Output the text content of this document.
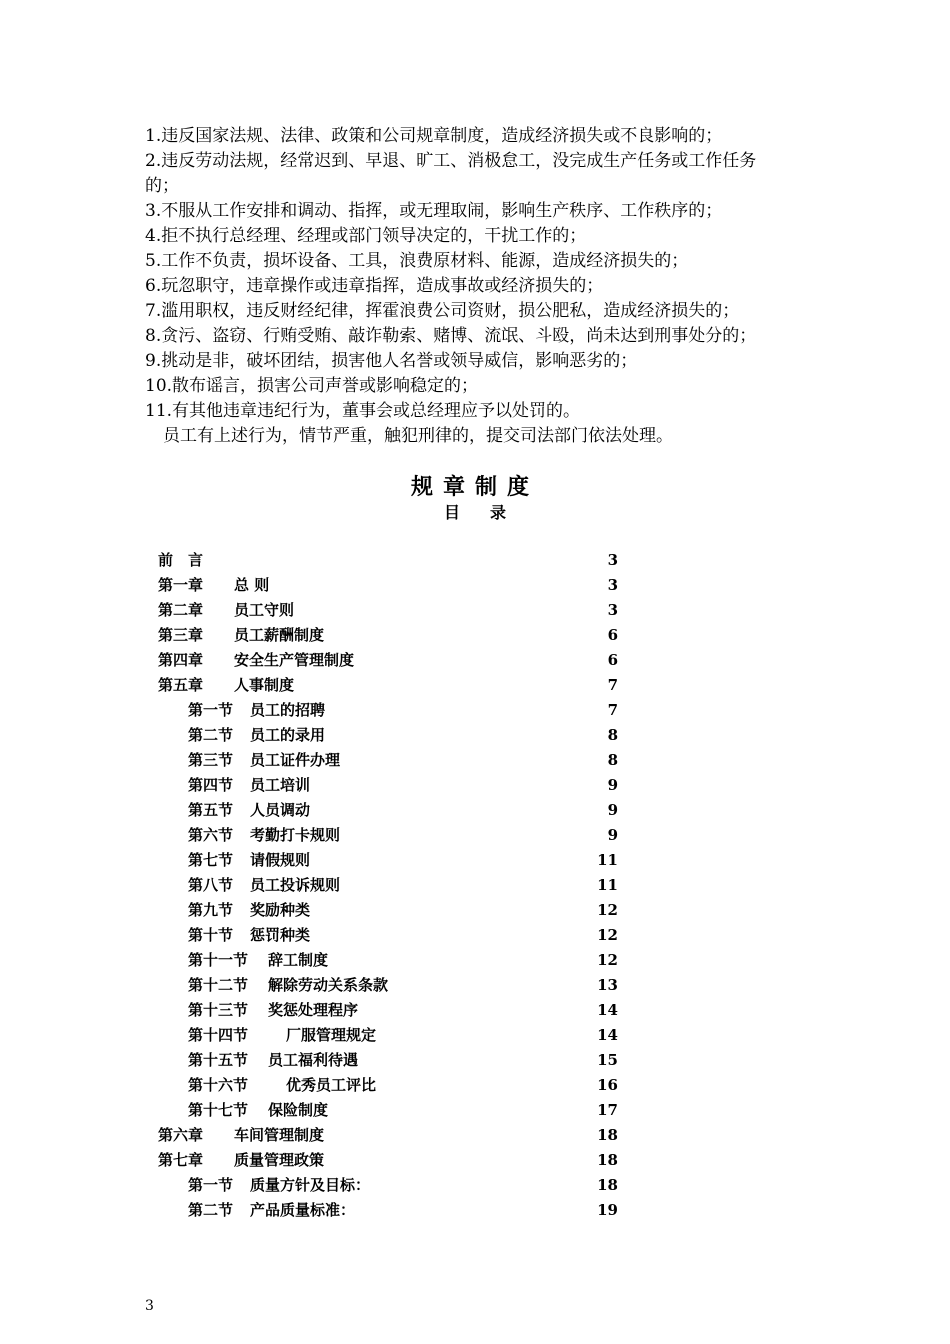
1.违反国家法规、法律、政策和公司规章制度，造成经济损失或不良影响的；
2.违反劳动法规，经常迟到、早退、旷工、消极怠工，没完成生产任务或工作任务
的；
3.不服从工作安排和调动、指挥，或无理取闹，影响生产秩序、工作秩序的；
4.拒不执行总经理、经理或部门领导决定的，干扰工作的；
5.工作不负责，损坏设备、工具，浪费原材料、能源，造成经济损失的；
6.玩忽职守，违章操作或违章指挥，造成事故或经济损失的；
7.滥用职权，违反财经纪律，挥霍浪费公司资财，损公肥私，造成经济损失的；
8.贪污、盗窃、行贿受贿、敲诈勒索、赌博、流氓、斗殴，尚未达到刑事处分的；
9.挑动是非，破坏团结，损害他人名誉或领导威信，影响恶劣的；
10.散布谣言，损害公司声誉或影响稳定的；
11.有其他违章违纪行为，董事会或总经理应予以处罚的。
员工有上述行为，情节严重，触犯刑律的，提交司法部门依法处理。
规章制度
目 录
前　言	3
第一章 总 则	3
第二章 员工守则	3
第三章 员工薪酬制度	6
第四章 安全生产管理制度	6
第五章 人事制度	7
第一节 员工的招聘	7
第二节 员工的录用	8
第三节 员工证件办理	8
第四节 员工培训	9
第五节 人员调动	9
第六节 考勤打卡规则	9
第七节 请假规则	11
第八节 员工投诉规则	11
第九节 奖励种类	12
第十节 惩罚种类	12
第十一节 辞工制度	12
第十二节 解除劳动关系条款	13
第十三节 奖惩处理程序	14
第十四节	厂服管理规定	14
第十五节 员工福利待遇	15
第十六节	优秀员工评比	16
第十七节 保险制度	17
第六章 车间管理制度	18
第七章 质量管理政策	18
第一节 质量方针及目标：	18
第二节 产品质量标准：	19
3
